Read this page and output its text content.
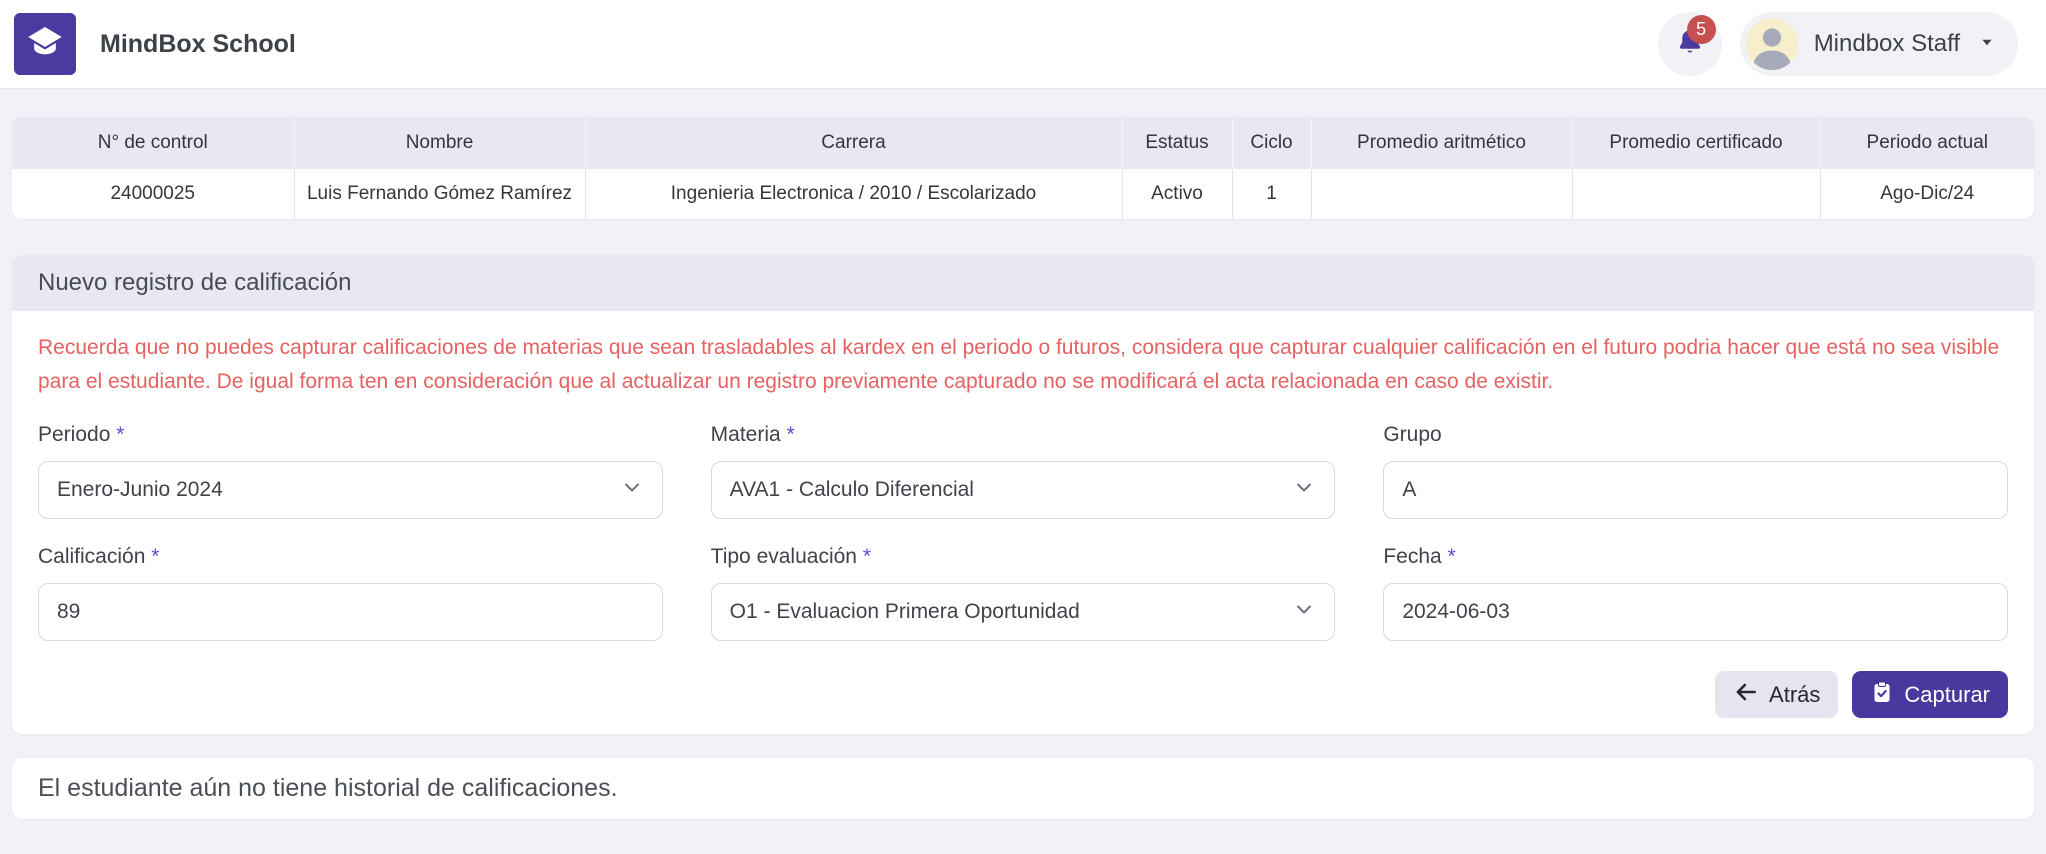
MindBox School
5
Mindbox Staff
N° de control	Nombre	Carrera	Estatus	Ciclo	Promedio aritmético	Promedio certificado	Periodo actual
24000025	Luis Fernando Gómez Ramírez	Ingenieria Electronica / 2010 / Escolarizado	Activo	1			Ago-Dic/24
Nuevo registro de calificación
Recuerda que no puedes capturar calificaciones de materias que sean trasladables al kardex en el periodo o futuros, considera que capturar cualquier calificación en el futuro podria hacer que está no sea visible para el estudiante. De igual forma ten en consideración que al actualizar un registro previamente capturado no se modificará el acta relacionada en caso de existir.
Periodo *
Enero-Junio 2024
Materia *
AVA1 - Calculo Diferencial
Grupo
A
Calificación *
89	Tipo evaluación *
O1 - Evaluacion Primera Oportunidad
Fecha *
2024-06-03
Atrás	Capturar
El estudiante aún no tiene historial de calificaciones.
